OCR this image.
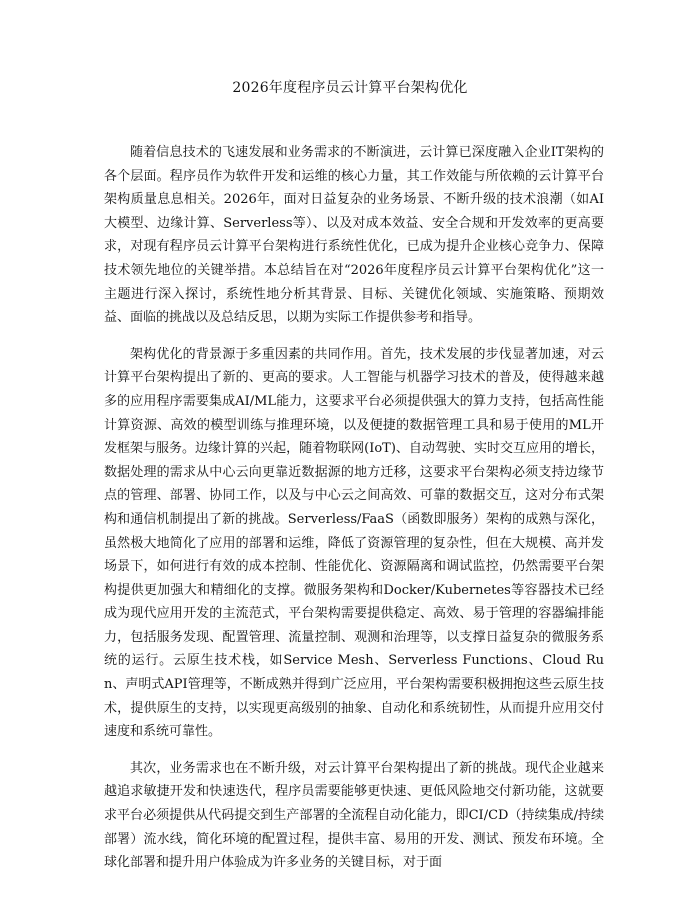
2026年度程序员云计算平台架构优化

随着信息技术的飞速发展和业务需求的不断演进，云计算已深度融入企业IT架构的各个层面。程序员作为软件开发和运维的核心力量，其工作效能与所依赖的云计算平台架构质量息息相关。2026年，面对日益复杂的业务场景、不断升级的技术浪潮（如AI大模型、边缘计算、Serverless等）、以及对成本效益、安全合规和开发效率的更高要求，对现有程序员云计算平台架构进行系统性优化，已成为提升企业核心竞争力、保障技术领先地位的关键举措。本总结旨在对“2026年度程序员云计算平台架构优化”这一主题进行深入探讨，系统性地分析其背景、目标、关键优化领域、实施策略、预期效益、面临的挑战以及总结反思，以期为实际工作提供参考和指导。

架构优化的背景源于多重因素的共同作用。首先，技术发展的步伐显著加速，对云计算平台架构提出了新的、更高的要求。人工智能与机器学习技术的普及，使得越来越多的应用程序需要集成AI/ML能力，这要求平台必须提供强大的算力支持，包括高性能计算资源、高效的模型训练与推理环境，以及便捷的数据管理工具和易于使用的ML开发框架与服务。边缘计算的兴起，随着物联网(IoT)、自动驾驶、实时交互应用的增长，数据处理的需求从中心云向更靠近数据源的地方迁移，这要求平台架构必须支持边缘节点的管理、部署、协同工作，以及与中心云之间高效、可靠的数据交互，这对分布式架构和通信机制提出了新的挑战。Serverless/FaaS（函数即服务）架构的成熟与深化，虽然极大地简化了应用的部署和运维，降低了资源管理的复杂性，但在大规模、高并发场景下，如何进行有效的成本控制、性能优化、资源隔离和调试监控，仍然需要平台架构提供更加强大和精细化的支撑。微服务架构和Docker/Kubernetes等容器技术已经成为现代应用开发的主流范式，平台架构需要提供稳定、高效、易于管理的容器编排能力，包括服务发现、配置管理、流量控制、观测和治理等，以支撑日益复杂的微服务系统的运行。云原生技术栈，如Service Mesh、Serverless Functions、Cloud Run、声明式API管理等，不断成熟并得到广泛应用，平台架构需要积极拥抱这些云原生技术，提供原生的支持，以实现更高级别的抽象、自动化和系统韧性，从而提升应用交付速度和系统可靠性。

其次，业务需求也在不断升级，对云计算平台架构提出了新的挑战。现代企业越来越追求敏捷开发和快速迭代，程序员需要能够更快速、更低风险地交付新功能，这就要求平台必须提供从代码提交到生产部署的全流程自动化能力，即CI/CD（持续集成/持续部署）流水线，简化环境的配置过程，提供丰富、易用的开发、测试、预发布环境。全球化部署和提升用户体验成为许多业务的关键目标，对于面
